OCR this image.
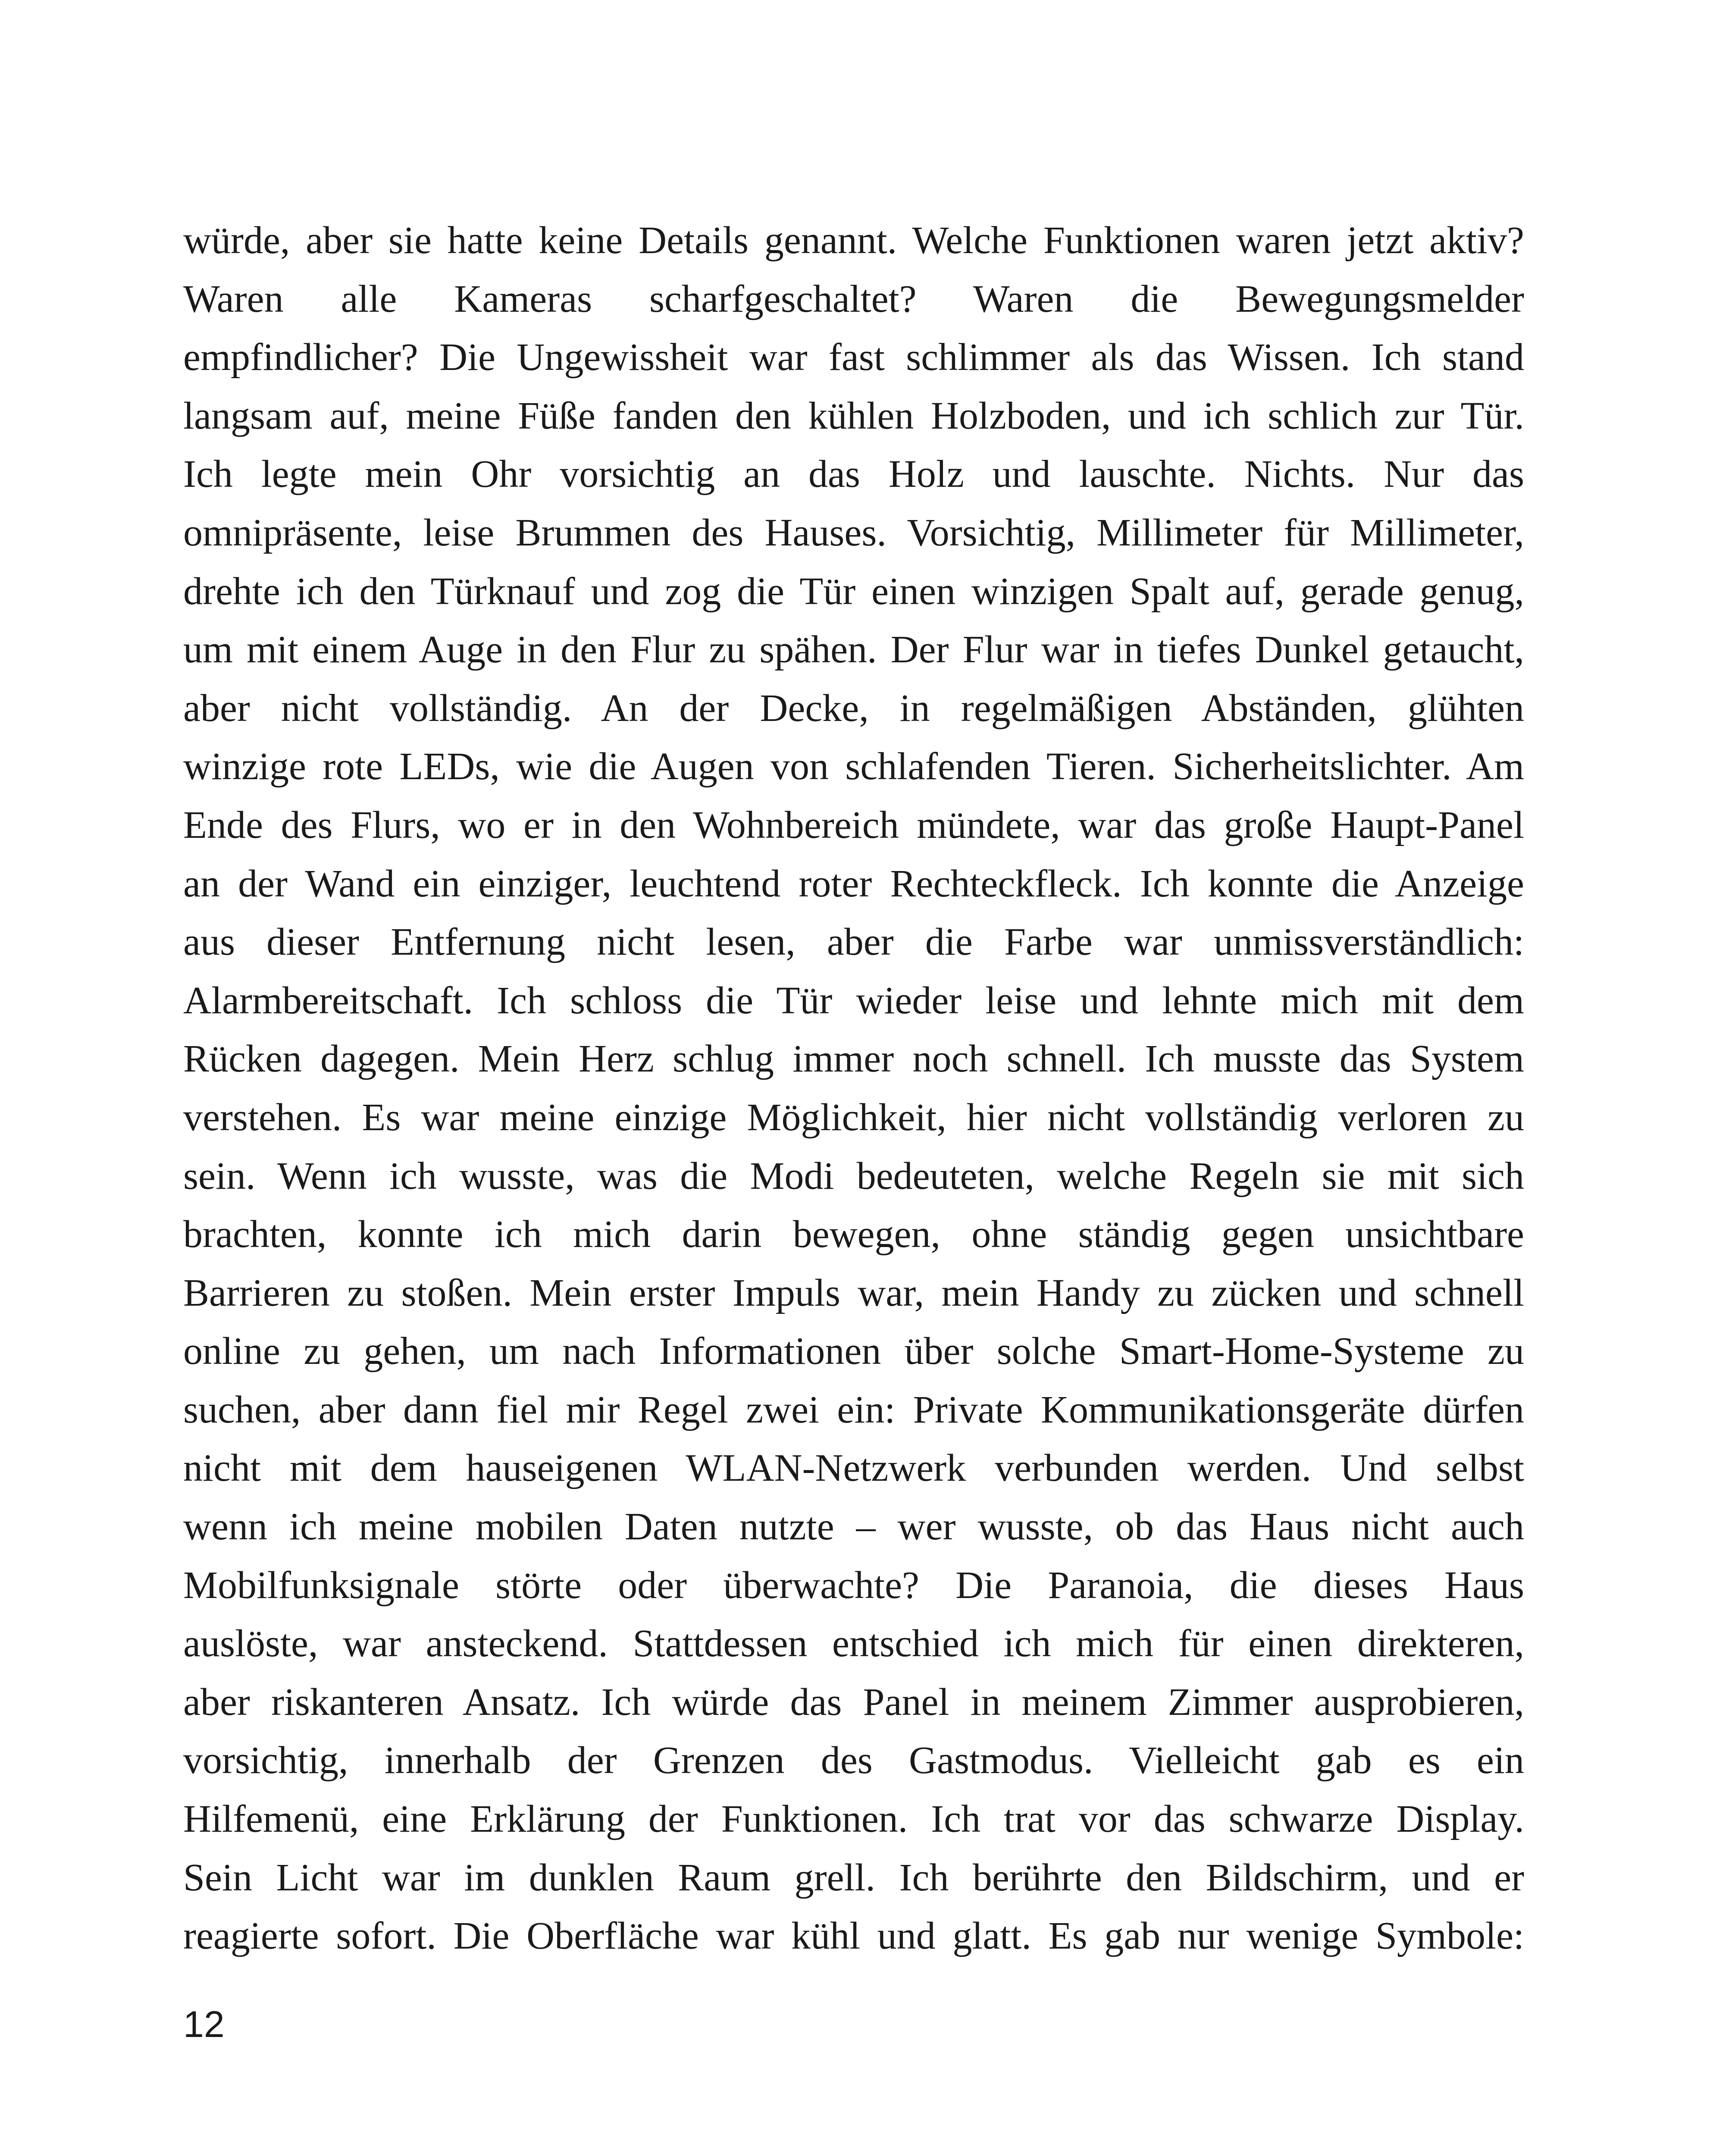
würde, aber sie hatte keine Details genannt. Welche Funktionen waren jetzt aktiv?
Waren alle Kameras scharfgeschaltet? Waren die Bewegungsmelder
empfindlicher? Die Ungewissheit war fast schlimmer als das Wissen. Ich stand
langsam auf, meine Füße fanden den kühlen Holzboden, und ich schlich zur Tür.
Ich legte mein Ohr vorsichtig an das Holz und lauschte. Nichts. Nur das
omnipräsente, leise Brummen des Hauses. Vorsichtig, Millimeter für Millimeter,
drehte ich den Türknauf und zog die Tür einen winzigen Spalt auf, gerade genug,
um mit einem Auge in den Flur zu spähen. Der Flur war in tiefes Dunkel getaucht,
aber nicht vollständig. An der Decke, in regelmäßigen Abständen, glühten
winzige rote LEDs, wie die Augen von schlafenden Tieren. Sicherheitslichter. Am
Ende des Flurs, wo er in den Wohnbereich mündete, war das große Haupt-Panel
an der Wand ein einziger, leuchtend roter Rechteckfleck. Ich konnte die Anzeige
aus dieser Entfernung nicht lesen, aber die Farbe war unmissverständlich:
Alarmbereitschaft. Ich schloss die Tür wieder leise und lehnte mich mit dem
Rücken dagegen. Mein Herz schlug immer noch schnell. Ich musste das System
verstehen. Es war meine einzige Möglichkeit, hier nicht vollständig verloren zu
sein. Wenn ich wusste, was die Modi bedeuteten, welche Regeln sie mit sich
brachten, konnte ich mich darin bewegen, ohne ständig gegen unsichtbare
Barrieren zu stoßen. Mein erster Impuls war, mein Handy zu zücken und schnell
online zu gehen, um nach Informationen über solche Smart-Home-Systeme zu
suchen, aber dann fiel mir Regel zwei ein: Private Kommunikationsgeräte dürfen
nicht mit dem hauseigenen WLAN-Netzwerk verbunden werden. Und selbst
wenn ich meine mobilen Daten nutzte – wer wusste, ob das Haus nicht auch
Mobilfunksignale störte oder überwachte? Die Paranoia, die dieses Haus
auslöste, war ansteckend. Stattdessen entschied ich mich für einen direkteren,
aber riskanteren Ansatz. Ich würde das Panel in meinem Zimmer ausprobieren,
vorsichtig, innerhalb der Grenzen des Gastmodus. Vielleicht gab es ein
Hilfemenü, eine Erklärung der Funktionen. Ich trat vor das schwarze Display.
Sein Licht war im dunklen Raum grell. Ich berührte den Bildschirm, und er
reagierte sofort. Die Oberfläche war kühl und glatt. Es gab nur wenige Symbole:
12
